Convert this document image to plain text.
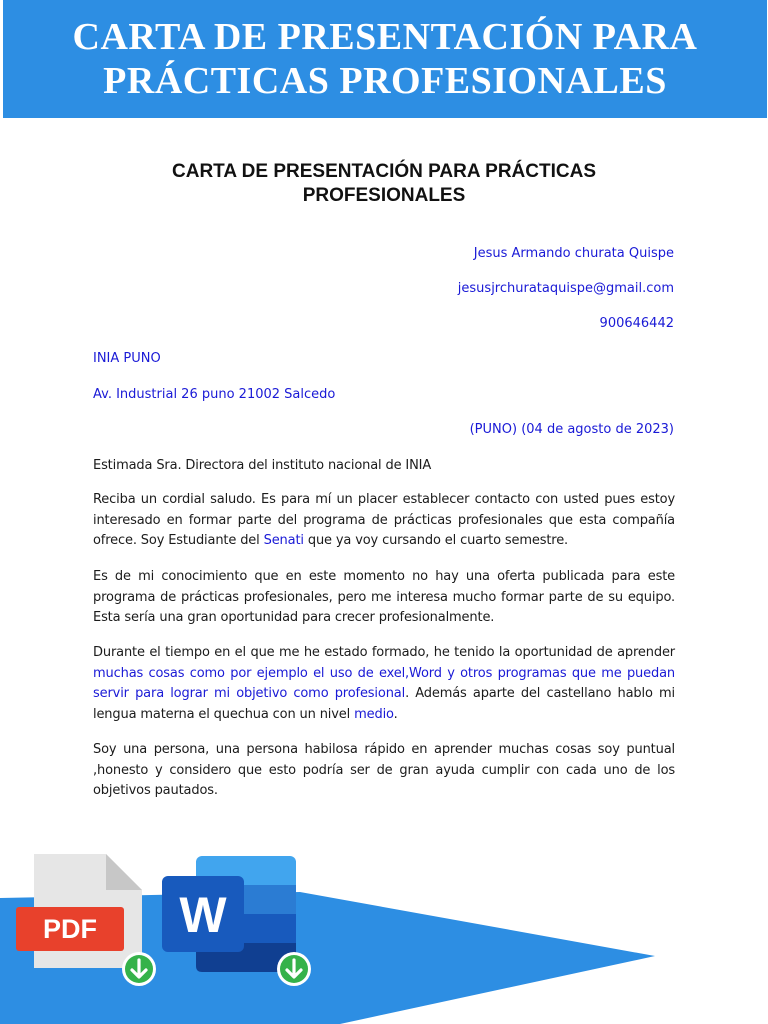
CARTA DE PRESENTACIÓN PARA
PRÁCTICAS PROFESIONALES
CARTA DE PRESENTACIÓN PARA PRÁCTICAS
PROFESIONALES
Jesus Armando churata Quispe
jesusjrchurataquispe@gmail.com
900646442
INIA PUNO
Av. Industrial 26 puno 21002 Salcedo
(PUNO) (04 de agosto de 2023)
Estimada Sra. Directora del instituto nacional de INIA
Reciba un cordial saludo. Es para mí un placer establecer contacto con usted pues estoy interesado en formar parte del programa de prácticas profesionales que esta compañía ofrece. Soy Estudiante del Senati que ya voy cursando el cuarto semestre.
Es de mi conocimiento que en este momento no hay una oferta publicada para este programa de prácticas profesionales, pero me interesa mucho formar parte de su equipo. Esta sería una gran oportunidad para crecer profesionalmente.
Durante el tiempo en el que me he estado formado, he tenido la oportunidad de aprender muchas cosas como por ejemplo el uso de exel,Word y otros programas que me puedan servir para lograr mi objetivo como profesional. Además aparte del castellano hablo mi lengua materna el quechua con un nivel medio.
Soy una persona, una persona habilosa rápido en aprender muchas cosas soy puntual ,honesto y considero que esto podría ser de gran ayuda cumplir con cada uno de los objetivos pautados.
PDF W
